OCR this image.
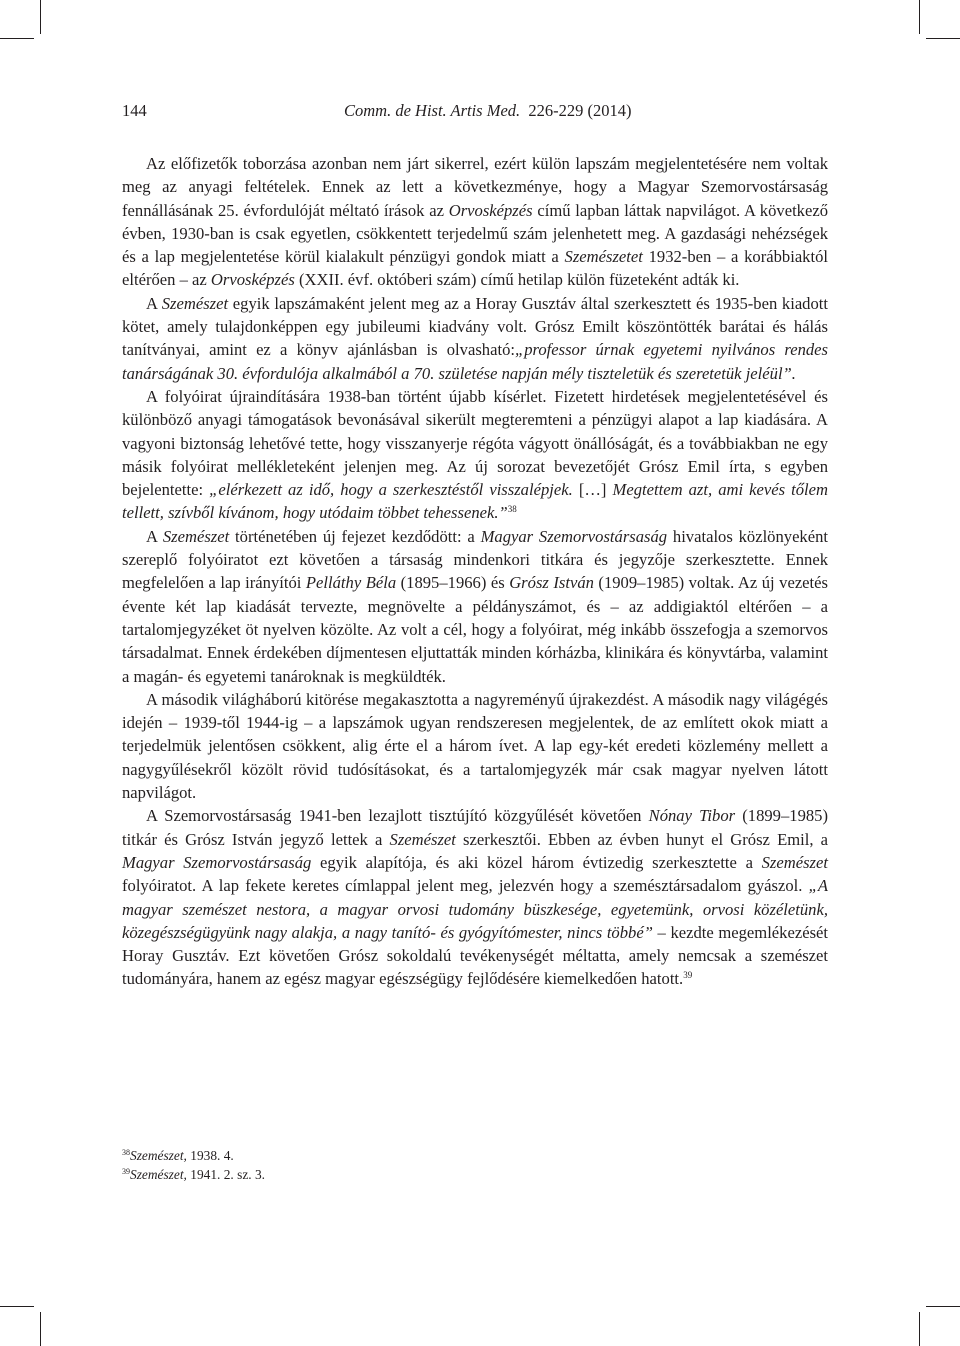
144	Comm. de Hist. Artis Med. 226-229 (2014)

Az előfizetők toborzása azonban nem járt sikerrel, ezért külön lapszám megjelentetésére nem voltak meg az anyagi feltételek. Ennek az lett a következménye, hogy a Magyar Szemorvostársaság fennállásának 25. évfordulóját méltató írások az Orvosképzés című lapban láttak napvilágot. A következő évben, 1930-ban is csak egyetlen, csökkentett terjedelmű szám jelenhetett meg. A gazdasági nehézségek és a lap megjelentetése körül kialakult pénzügyi gondok miatt a Szemészetet 1932-ben – a korábbiaktól eltérően – az Orvosképzés (XXII. évf. októberi szám) című hetilap külön füzeteként adták ki.

A Szemészet egyik lapszámaként jelent meg az a Horay Gusztáv által szerkesztett és 1935-ben kiadott kötet, amely tulajdonképpen egy jubileumi kiadvány volt. Grósz Emilt köszöntötték barátai és hálás tanítványai, amint ez a könyv ajánlásban is olvasható:„professor úrnak egyetemi nyilvános rendes tanárságának 30. évfordulója alkalmából a 70. születése napján mély tiszteletük és szeretetük jeléül”.

A folyóirat újraindítására 1938-ban történt újabb kísérlet. Fizetett hirdetések megjelentetésével és különböző anyagi támogatások bevonásával sikerült megteremteni a pénzügyi alapot a lap kiadására. A vagyoni biztonság lehetővé tette, hogy visszanyerje régóta vágyott önállóságát, és a továbbiakban ne egy másik folyóirat mellékleteként jelenjen meg. Az új sorozat bevezetőjét Grósz Emil írta, s egyben bejelentette: „elérkezett az idő, hogy a szerkesztéstől visszalépjek. […] Megtettem azt, ami kevés tőlem tellett, szívből kívánom, hogy utódaim többet tehessenek.”$^{38}$

A Szemészet történetében új fejezet kezdődött: a Magyar Szemorvostársaság hivatalos közlönyeként szereplő folyóiratot ezt követően a társaság mindenkori titkára és jegyzője szerkesztette. Ennek megfelelően a lap irányítói Pelláthy Béla (1895–1966) és Grósz István (1909–1985) voltak. Az új vezetés évente két lap kiadását tervezte, megnövelte a példányszámot, és – az addigiaktól eltérően – a tartalomjegyzéket öt nyelven közölte. Az volt a cél, hogy a folyóirat, még inkább összefogja a szemorvos társadalmat. Ennek érdekében díjmentesen eljuttatták minden kórházba, klinikára és könyvtárba, valamint a magán- és egyetemi tanároknak is megküldték.

A második világháború kitörése megakasztotta a nagyreményű újrakezdést. A második nagy világégés idején – 1939-től 1944-ig – a lapszámok ugyan rendszeresen megjelentek, de az említett okok miatt a terjedelmük jelentősen csökkent, alig érte el a három ívet. A lap egy-két eredeti közlemény mellett a nagygyűlésekről közölt rövid tudósításokat, és a tartalomjegyzék már csak magyar nyelven látott napvilágot.

A Szemorvostársaság 1941-ben lezajlott tisztújító közgyűlését követően Nónay Tibor (1899–1985) titkár és Grósz István jegyző lettek a Szemészet szerkesztői. Ebben az évben hunyt el Grósz Emil, a Magyar Szemorvostársaság egyik alapítója, és aki közel három évtizedig szerkesztette a Szemészet folyóiratot. A lap fekete keretes címlappal jelent meg, jelezvén hogy a szemésztársadalom gyászol. „A magyar szemészet nestora, a magyar orvosi tudomány büszkesége, egyetemünk, orvosi közéletünk, közegészségügyünk nagy alakja, a nagy tanító- és gyógyítómester, nincs többé” – kezdte megemlékezését Horay Gusztáv. Ezt követően Grósz sokoldalú tevékenységét méltatta, amely nemcsak a szemészet tudományára, hanem az egész magyar egészségügy fejlődésére kiemelkedően hatott.$^{39}$

$^{38}$Szemészet, 1938. 4.

$^{39}$Szemészet, 1941. 2. sz. 3.
